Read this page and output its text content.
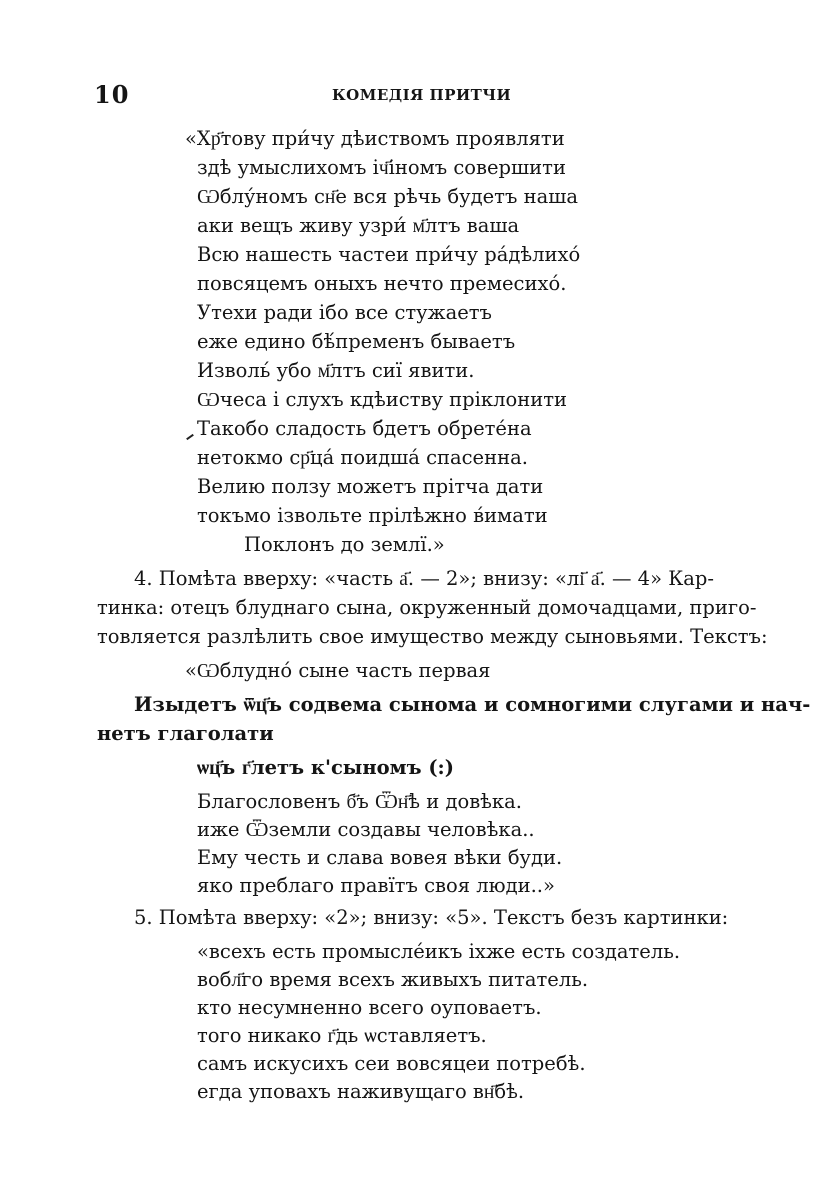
10	КОМЕДІЯ ПРИТЧИ
«Хр҃тову при́чу дѣиствомъ проявляти
здѣ умыслихомъ іч҃іномъ совершити
Ѡблу́номъ сн҃е вся рѣчь будетъ наша
аки вещъ живу узри́ м҃лтъ ваша
Всю нашесть частеи при́чу ра́дѣлихо́
повсяцемъ оныхъ нечто премесихо́.
Утехи ради ібо все стужаетъ
еже едино бѣ́пременъ бываетъ
Изволь́ убо м҃лтъ сиї явити.
Ѡчеса і слухъ кдѣиству пріклонити
Такобо сладость б́детъ обрете́на
нетокмо ср҃ца́ поидша́ спасенна.
Велию ползу можетъ прітча дати
токъмо ізвольте прілѣжно в́имати
Поклонъ до землї.»
4. Помѣта вверху: «часть а҃. — 2»; внизу: «лі҃ а҃. — 4» Кар-
тинка: отецъ блуднаго сына, окруженный домочадцами, приго-
товляется разлѣлить свое имущество между сыновьями. Текстъ:
«Ѡблудно́ сыне часть первая
Изыдетъ ѿц҃ъ содвема сынома и сомногими слугами и нач-
нетъ глаголати
ѡц҃ъ г҃летъ к'сыномъ (:)
Благословенъ б҃ъ Ѿн҃ѣ и довѣка.
иже Ѿземли создавы человѣка..
Ему честь и слава вовея вѣки буди.
яко преблаго правїтъ своя люди..»
5. Помѣта вверху: «2»; внизу: «5». Текстъ безъ картинки:
«всехъ есть промысле́икъ іхже есть создатель.
вобл҃го время всехъ живыхъ питатель.
кто несумненно всего оуповаетъ.
того никако г҃дь ѡставляетъ.
самъ искусихъ сеи вовсяцеи потребѣ.
егда уповахъ наживущаго вн҃бѣ.
